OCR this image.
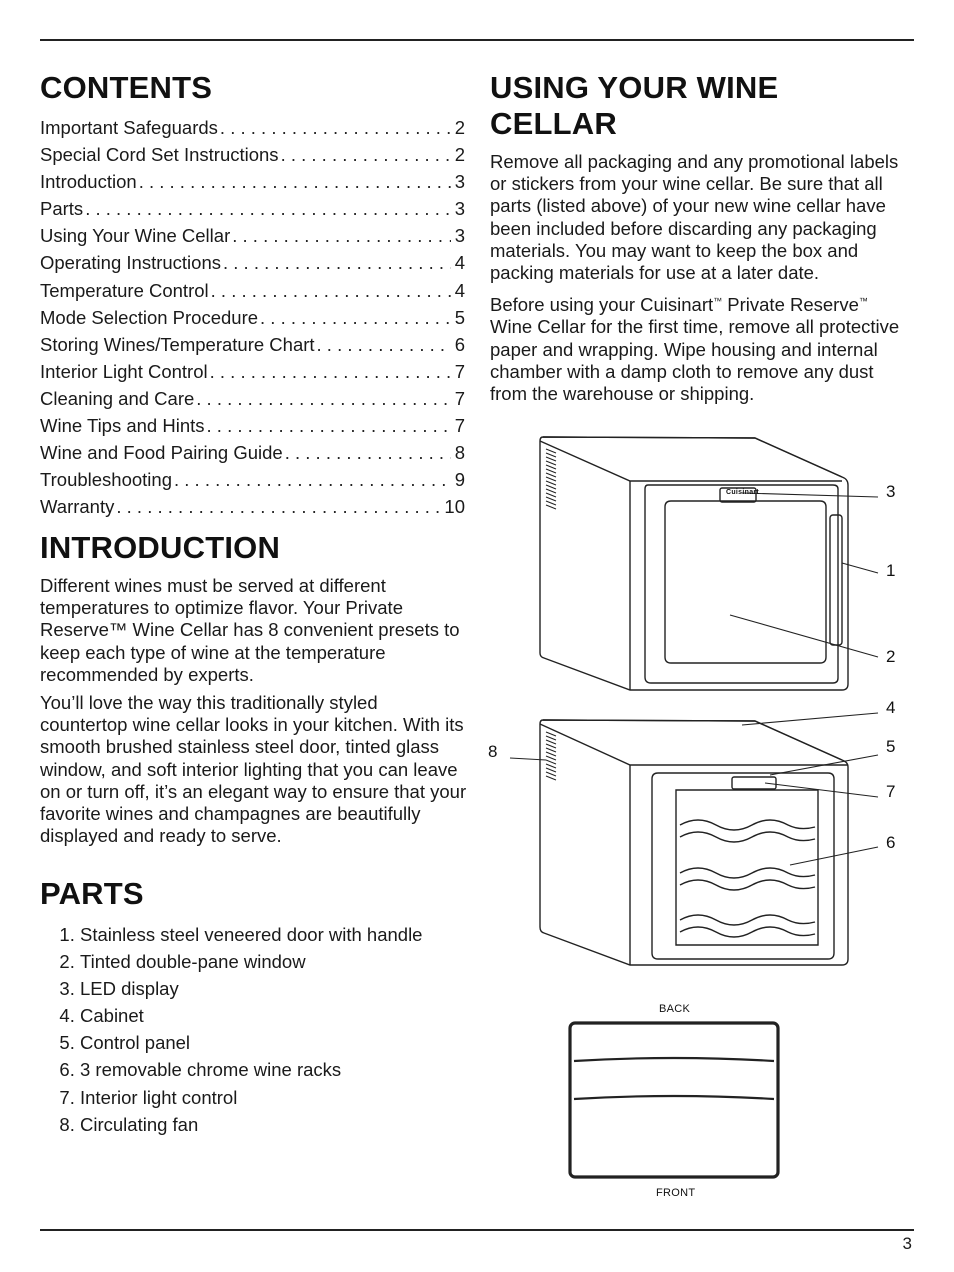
CONTENTS
Important Safeguards . . .	2
Special Cord Set Instructions . . .	2
Introduction . . .	3
Parts . . .	3
Using Your Wine Cellar . . .	3
Operating Instructions . . .	4
Temperature Control . . .	4
Mode Selection Procedure . . .	5
Storing Wines/Temperature Chart . . .	6
Interior Light Control . . .	7
Cleaning and Care . . .	7
Wine Tips and Hints . . .	7
Wine and Food Pairing Guide . . .	8
Troubleshooting . . .	9
Warranty . . .	10
INTRODUCTION

Different wines must be served at different temperatures to optimize flavor. Your Private Reserve™ Wine Cellar has 8 convenient presets to keep each type of wine at the temperature recommended by experts.

You’ll love the way this traditionally styled countertop wine cellar looks in your kitchen. With its smooth brushed stainless steel door, tinted glass window, and soft interior lighting that you can leave on or turn off, it’s an elegant way to ensure that your favorite wines and champagnes are beautifully displayed and ready to serve.

PARTS
1. Stainless steel veneered door with handle
2. Tinted double-pane window
3. LED display
4. Cabinet
5. Control panel
6. 3 removable chrome wine racks
7. Interior light control
8. Circulating fan
USING YOUR WINE CELLAR

Remove all packaging and any promotional labels or stickers from your wine cellar. Be sure that all parts (listed above) of your new wine cellar have been included before discarding any packaging materials. You may want to keep the box and packing materials for use at a later date.

Before using your Cuisinart™ Private Reserve™ Wine Cellar for the first time, remove all protective paper and wrapping. Wipe housing and internal chamber with a damp cloth to remove any dust from the warehouse or shipping.

3
1
2
4
5
7
6
8
Cuisinart
BACK
FRONT
3
